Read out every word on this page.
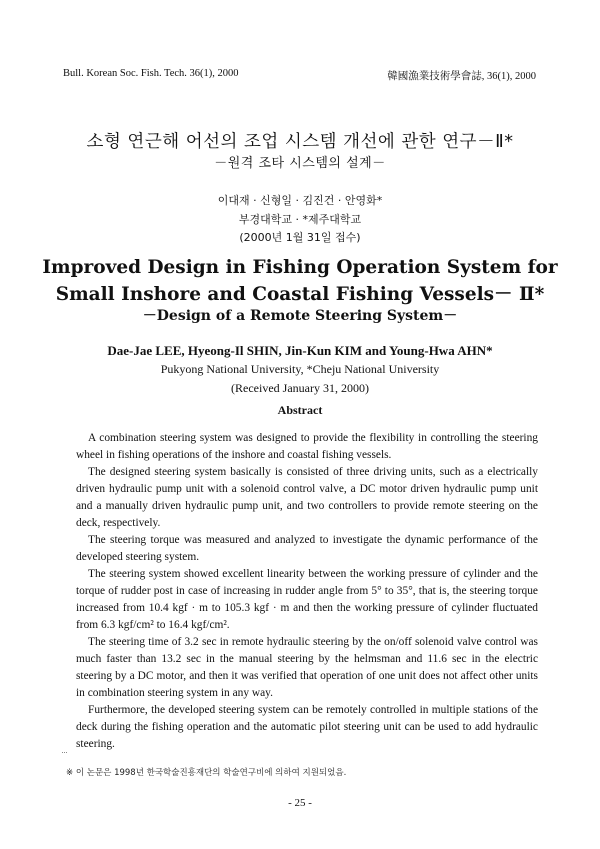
Bull. Korean Soc. Fish. Tech. 36(1), 2000	韓國漁業技術學會誌, 36(1), 2000
소형 연근해 어선의 조업 시스템 개선에 관한 연구－Ⅱ*
－원격 조타 시스템의 설계－
이대재 · 신형일 · 김진건 · 안영화*
부경대학교 · *제주대학교
(2000년 1월 31일 접수)
Improved Design in Fishing Operation System for
Small Inshore and Coastal Fishing Vessels－ Ⅱ*
－Design of a Remote Steering System－
Dae-Jae LEE, Hyeong-Il SHIN, Jin-Kun KIM and Young-Hwa AHN*
Pukyong National University, *Cheju National University
(Received January 31, 2000)
Abstract

A combination steering system was designed to provide the flexibility in controlling the steering wheel in fishing operations of the inshore and coastal fishing vessels.

The designed steering system basically is consisted of three driving units, such as a electrically driven hydraulic pump unit with a solenoid control valve, a DC motor driven hydraulic pump unit and a manually driven hydraulic pump unit, and two controllers to provide remote steering on the deck, respectively.

The steering torque was measured and analyzed to investigate the dynamic performance of the developed steering system.

The steering system showed excellent linearity between the working pressure of cylinder and the torque of rudder post in case of increasing in rudder angle from 5° to 35°, that is, the steering torque increased from 10.4 kgf · m to 105.3 kgf · m and then the working pressure of cylinder fluctuated from 6.3 kgf/cm² to 16.4 kgf/cm².

The steering time of 3.2 sec in remote hydraulic steering by the on/off solenoid valve control was much faster than 13.2 sec in the manual steering by the helmsman and 11.6 sec in the electric steering by a DC motor, and then it was verified that operation of one unit does not affect other units in combination steering system in any way.

Furthermore, the developed steering system can be remotely controlled in multiple stations of the deck during the fishing operation and the automatic pilot steering unit can be used to add hydraulic steering.

※ 이 논문은 1998년 한국학술진흥재단의 학술연구비에 의하여 지원되었음.
- 25 -
